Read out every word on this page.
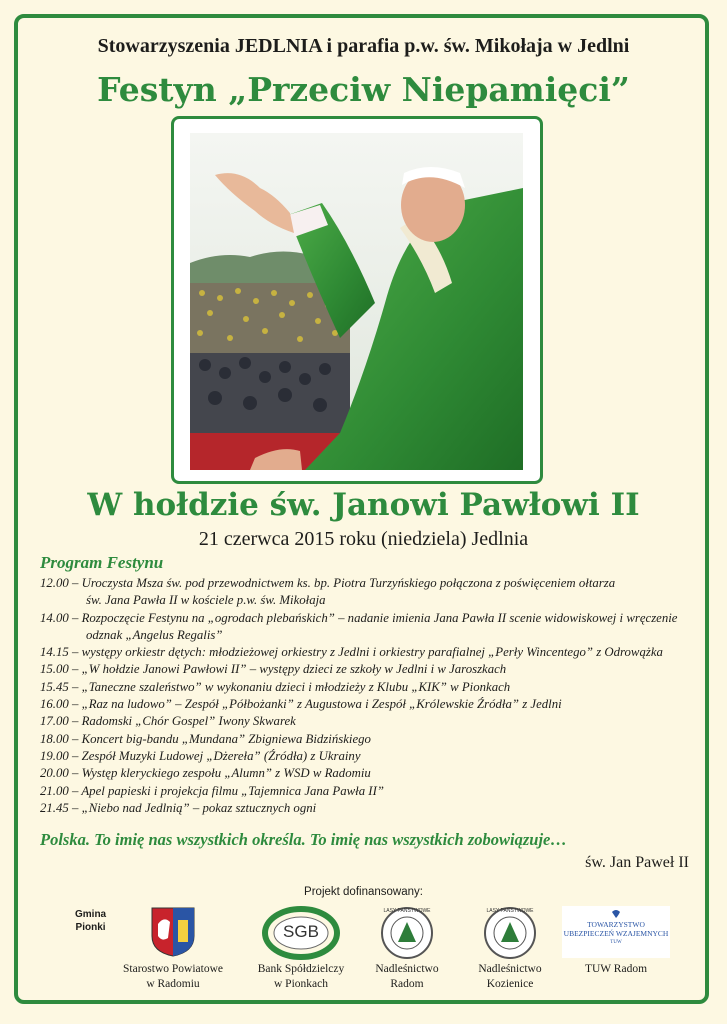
Stowarzyszenia JEDLNIA i parafia p.w. św. Mikołaja w Jedlni
Festyn „Przeciw Niepamięci”
W hołdzie św. Janowi Pawłowi II
21 czerwca 2015 roku (niedziela) Jedlnia
Program Festynu
12.00 – Uroczysta Msza św. pod przewodnictwem ks. bp. Piotra Turzyńskiego połączona z poświęceniem ołtarza
św. Jana Pawła II w kościele p.w. św. Mikołaja
14.00 – Rozpoczęcie Festynu na „ogrodach plebańskich” – nadanie imienia Jana Pawła II scenie widowiskowej i wręczenie
odznak „Angelus Regalis”
14.15 – występy orkiestr dętych: młodzieżowej orkiestry z Jedlni i orkiestry parafialnej „Perły Wincentego” z Odrowążka
15.00 – „W hołdzie Janowi Pawłowi II” – występy dzieci ze szkoły w Jedlni i w Jaroszkach
15.45 – „Taneczne szaleństwo” w wykonaniu dzieci i młodzieży z Klubu „KIK” w Pionkach
16.00 – „Raz na ludowo” – Zespół „Półbożanki” z Augustowa i Zespół „Królewskie Źródła” z Jedlni
17.00 – Radomski „Chór Gospel” Iwony Skwarek
18.00 – Koncert big-bandu „Mundana” Zbigniewa Bidzińskiego
19.00 – Zespół Muzyki Ludowej „Dżereła” (Źródła) z Ukrainy
20.00 – Występ kleryckiego zespołu „Alumn” z WSD w Radomiu
21.00 – Apel papieski i projekcja filmu „Tajemnica Jana Pawła II”
21.45 – „Niebo nad Jedlnią” – pokaz sztucznych ogni
Polska. To imię nas wszystkich określa. To imię nas wszystkich zobowiązuje…
św. Jan Paweł II
Projekt dofinansowany:
Gmina
Pionki
Starostwo Powiatowe
w Radomiu
SGB
Bank Spółdzielczy
w Pionkach
LASY PAŃSTWOWE
Nadleśnictwo
Radom
LASY PAŃSTWOWE
Nadleśnictwo
Kozienice
TOWARZYSTWO
UBEZPIECZEŃ WZAJEMNYCH
TUW
TUW Radom
